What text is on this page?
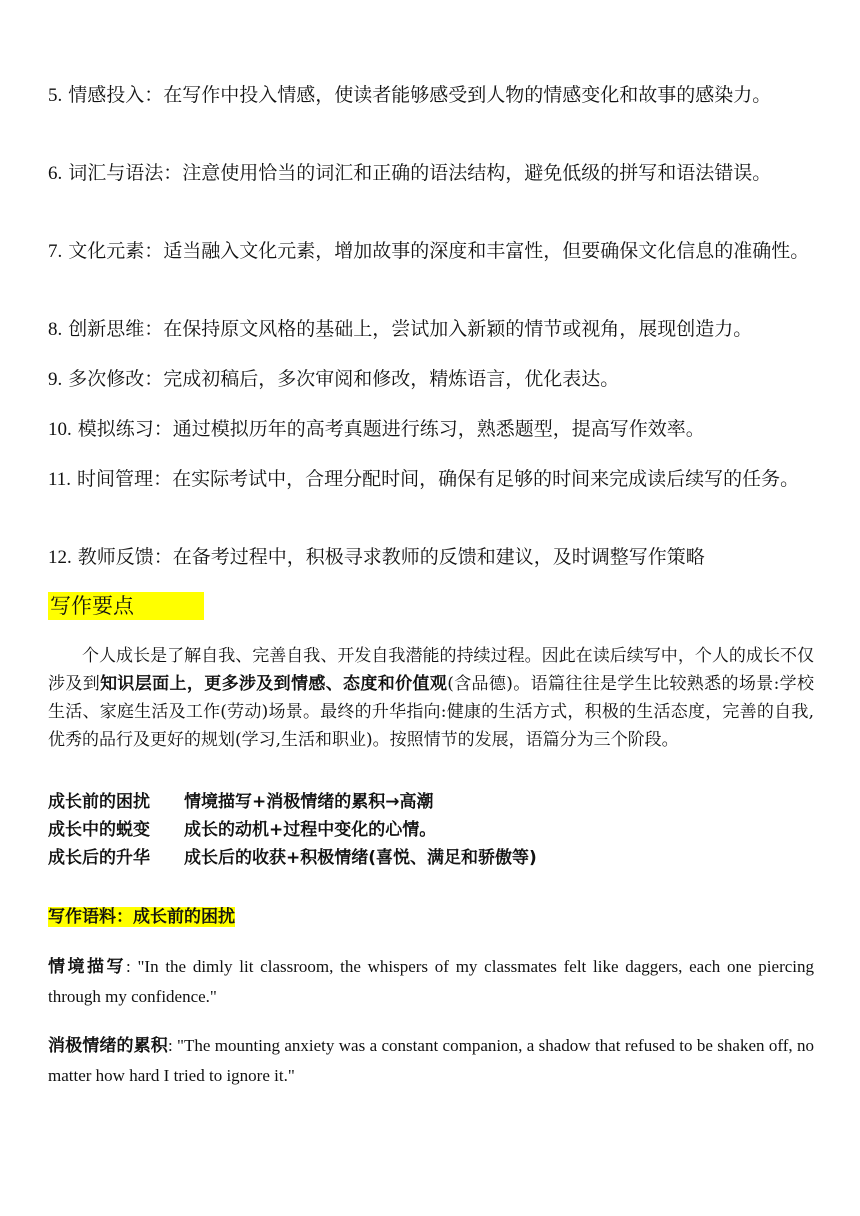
5. 情感投入：在写作中投入情感，使读者能够感受到人物的情感变化和故事的感染力。
6. 词汇与语法：注意使用恰当的词汇和正确的语法结构，避免低级的拼写和语法错误。
7. 文化元素：适当融入文化元素，增加故事的深度和丰富性，但要确保文化信息的准确性。
8. 创新思维：在保持原文风格的基础上，尝试加入新颖的情节或视角，展现创造力。
9. 多次修改：完成初稿后，多次审阅和修改，精炼语言，优化表达。
10. 模拟练习：通过模拟历年的高考真题进行练习，熟悉题型，提高写作效率。
11. 时间管理：在实际考试中，合理分配时间，确保有足够的时间来完成读后续写的任务。
12. 教师反馈：在备考过程中，积极寻求教师的反馈和建议，及时调整写作策略
写作要点
个人成长是了解自我、完善自我、开发自我潜能的持续过程。因此在读后续写中，个人的成长不仅涉及到知识层面上，更多涉及到情感、态度和价值观(含品德)。语篇往往是学生比较熟悉的场景:学校生活、家庭生活及工作(劳动)场景。最终的升华指向:健康的生活方式，积极的生活态度，完善的自我, 优秀的品行及更好的规划(学习,生活和职业)。按照情节的发展，语篇分为三个阶段。
成长前的困扰 情境描写+消极情绪的累积→高潮
成长中的蜕变 成长的动机+过程中变化的心情。
成长后的升华 成长后的收获+积极情绪(喜悦、满足和骄傲等)
写作语料：成长前的困扰
情境描写: "In the dimly lit classroom, the whispers of my classmates felt like daggers, each one piercing through my confidence."
消极情绪的累积: "The mounting anxiety was a constant companion, a shadow that refused to be shaken off, no matter how hard I tried to ignore it."
